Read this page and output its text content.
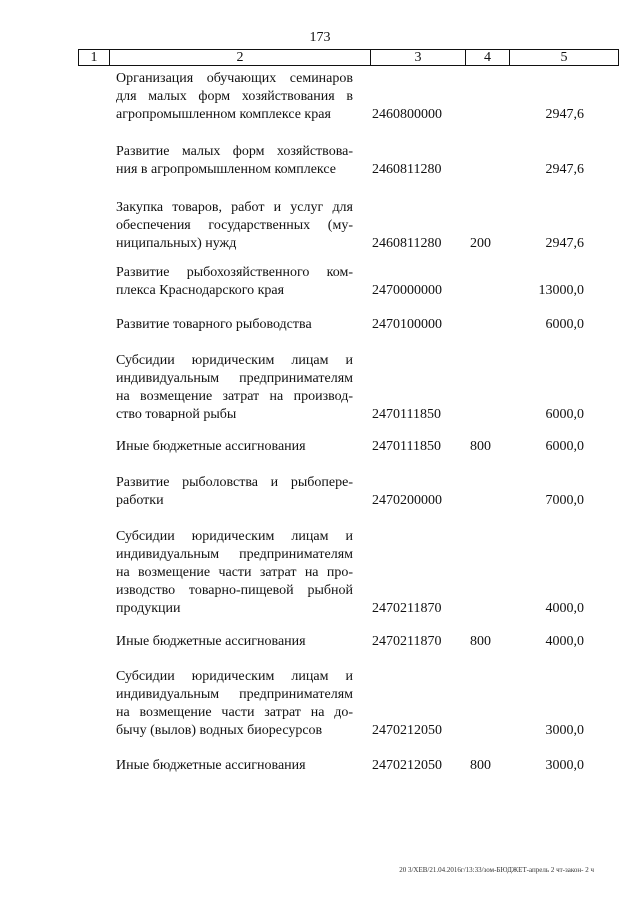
173
1	2	3	4	5
Организация обучающих семинаров
для малых форм хозяйствования в
агропромышленном комплексе края	2460800000	2947,6
Развитие малых форм хозяйствова-
ния в агропромышленном комплексе	2460811280	2947,6
Закупка товаров, работ и услуг для
обеспечения государственных (му-
ниципальных) нужд	2460811280 200	2947,6
Развитие рыбохозяйственного ком-
плекса Краснодарского края	2470000000	13000,0
Развитие товарного рыбоводства	2470100000	6000,0
Субсидии юридическим лицам и
индивидуальным предпринимателям
на возмещение затрат на производ-
ство товарной рыбы	2470111850	6000,0
Иные бюджетные ассигнования	2470111850 800	6000,0
Развитие рыболовства и рыбопере-
работки	2470200000	7000,0
Субсидии юридическим лицам и
индивидуальным предпринимателям
на возмещение части затрат на про-
изводство товарно-пищевой рыбной
продукции	2470211870	4000,0
Иные бюджетные ассигнования	2470211870 800	4000,0
Субсидии юридическим лицам и
индивидуальным предпринимателям
на возмещение части затрат на до-
бычу (вылов) водных биоресурсов	2470212050	3000,0
Иные бюджетные ассигнования	2470212050 800	3000,0
20 3/ХЕВ/21.04.2016г/13:33/зом-БЮДЖЕТ-апрель 2 чт-закон- 2 ч
